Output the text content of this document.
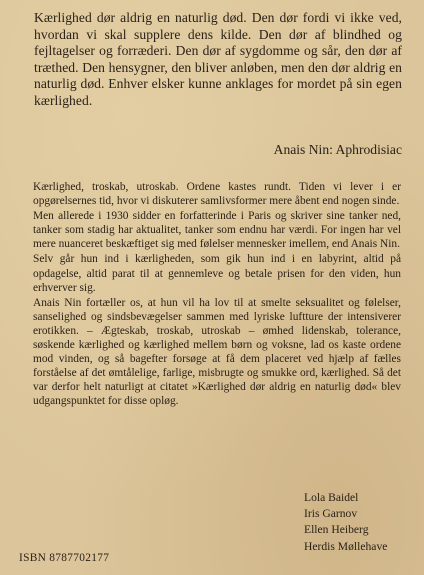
Kærlighed dør aldrig en naturlig død. Den dør fordi vi ikke ved, hvordan vi skal supplere dens kilde. Den dør af blindhed og fejltagelser og forræderi. Den dør af sygdomme og sår, den dør af træthed. Den hensygner, den bliver anløben, men den dør aldrig en naturlig død. Enhver elsker kunne anklages for mordet på sin egen kærlighed.

Anais Nin: Aphrodisiac

Kærlighed, troskab, utroskab. Ordene kastes rundt. Tiden vi lever i er opgørelsernes tid, hvor vi diskuterer samlivsformer mere åbent end nogen sinde.

Men allerede i 1930 sidder en forfatterinde i Paris og skriver sine tanker ned, tanker som stadig har aktualitet, tanker som endnu har værdi. For ingen har vel mere nuanceret beskæftiget sig med følelser mennesker imellem, end Anais Nin.

Selv går hun ind i kærligheden, som gik hun ind i en labyrint, altid på opdagelse, altid parat til at gennemleve og betale prisen for den viden, hun erhverver sig.

Anais Nin fortæller os, at hun vil ha lov til at smelte seksualitet og følelser, sanselighed og sindsbevægelser sammen med lyriske luftture der intensiverer erotikken. – Ægteskab, troskab, utroskab – ømhed lidenskab, tolerance, søskende kærlighed og kærlighed mellem børn og voksne, lad os kaste ordene mod vinden, og så bagefter forsøge at få dem placeret ved hjælp af fælles forståelse af det ømtålelige, farlige, misbrugte og smukke ord, kærlighed. Så det var derfor helt naturligt at citatet »Kærlighed dør aldrig en naturlig død« blev udgangspunktet for disse opløg.

Lola Baidel
Iris Garnov
Ellen Heiberg
Herdis Møllehave
ISBN 8787702177
